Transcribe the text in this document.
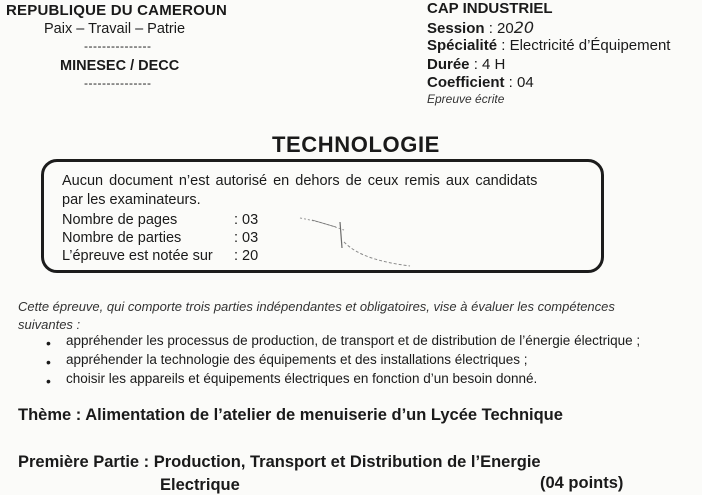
REPUBLIQUE DU CAMEROUN
Paix – Travail – Patrie
---------------
MINESEC / DECC
---------------
CAP INDUSTRIEL
Session : 2020
Spécialité : Electricité d’Équipement
Durée : 4 H
Coefficient : 04
Epreuve écrite
TECHNOLOGIE
Aucun document n’est autorisé en dehors de ceux remis aux candidats
par les examinateurs.
Nombre de pages	: 03
Nombre de parties	: 03
L’épreuve est notée sur : 20
Cette épreuve, qui comporte trois parties indépendantes et obligatoires, vise à évaluer les compétences
suivantes :
• appréhender les processus de production, de transport et de distribution de l’énergie électrique ;
• appréhender la technologie des équipements et des installations électriques ;
• choisir les appareils et équipements électriques en fonction d’un besoin donné.
Thème : Alimentation de l’atelier de menuiserie d’un Lycée Technique
Première Partie : Production, Transport et Distribution de l’Energie
Electrique	(04 points)
